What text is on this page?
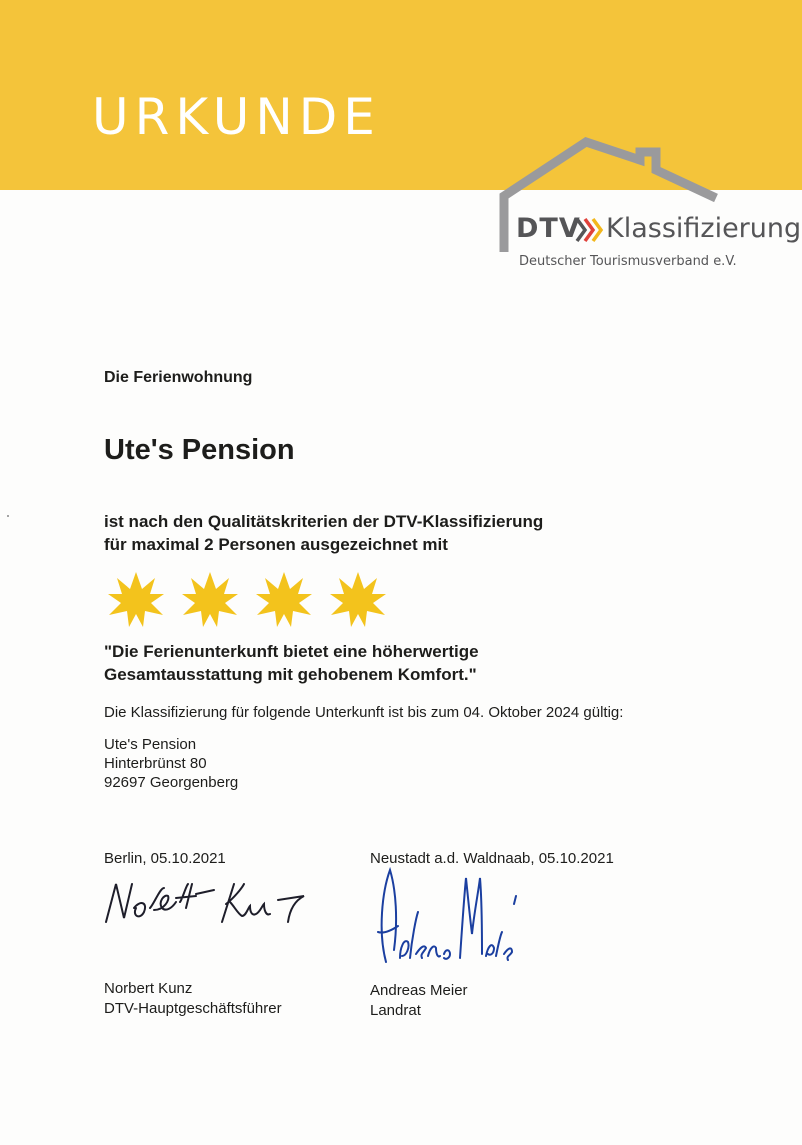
URKUNDE
DTV Klassifizierung
Deutscher Tourismusverband e.V.

Die Ferienwohnung

Ute's Pension

ist nach den Qualitätskriterien der DTV-Klassifizierung

für maximal 2 Personen ausgezeichnet mit

"Die Ferienunterkunft bietet eine höherwertige

Gesamtausstattung mit gehobenem Komfort."

Die Klassifizierung für folgende Unterkunft ist bis zum 04. Oktober 2024 gültig:

Ute's Pension

Hinterbrünst 80

92697 Georgenberg

Berlin, 05.10.2021

Norbert Kunz

DTV-Hauptgeschäftsführer

Neustadt a.d. Waldnaab, 05.10.2021

Andreas Meier

Landrat
